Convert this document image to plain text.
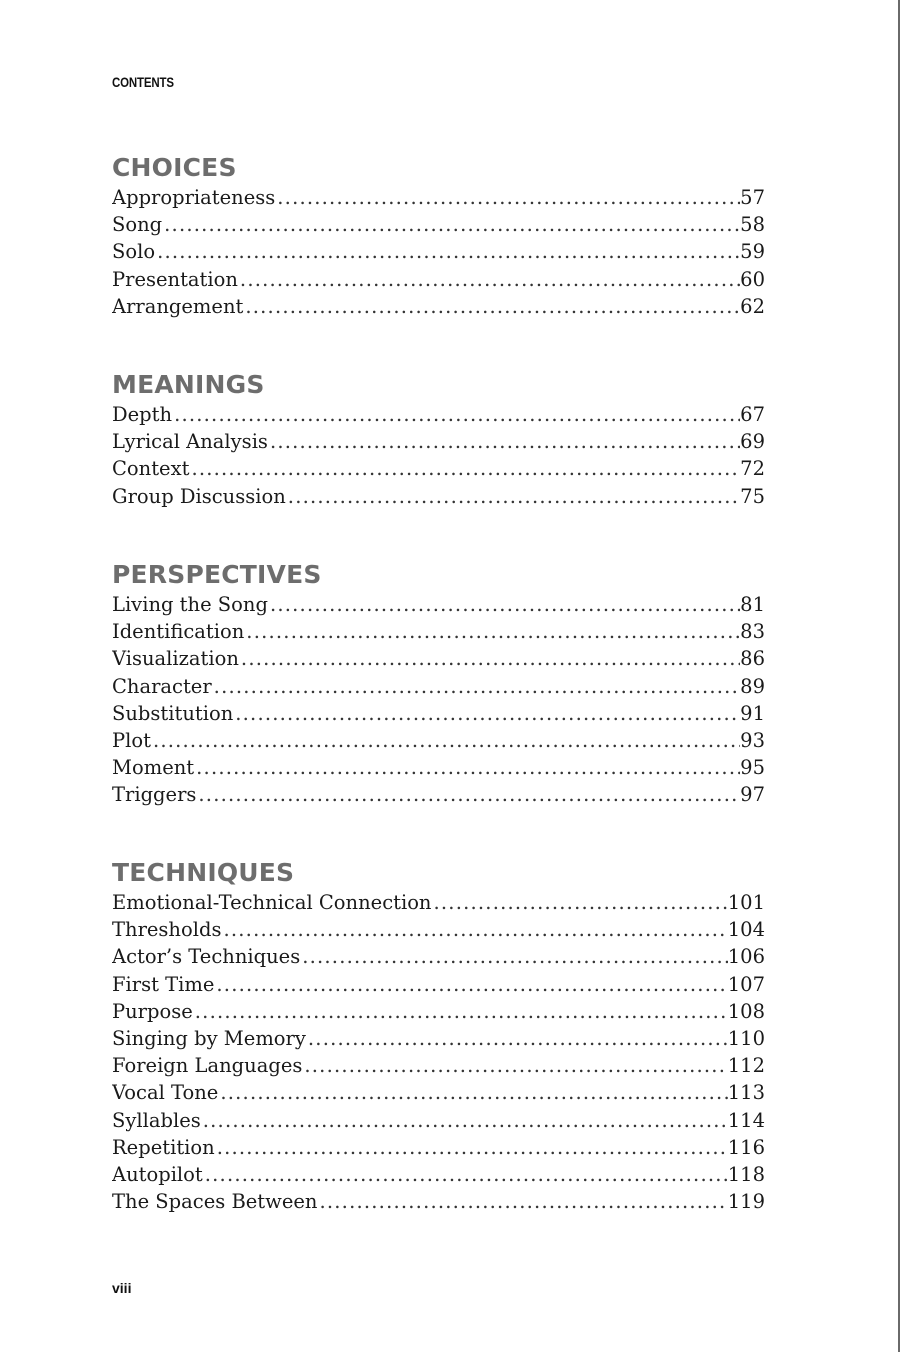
CONTENTS
CHOICES
Appropriateness .....	57
Song .....	58
Solo .....	59
Presentation .....	60
Arrangement .....	62
MEANINGS
Depth .....	67
Lyrical Analysis .....	69
Context .....	72
Group Discussion .....	75
PERSPECTIVES
Living the Song .....	81
Identification .....	83
Visualization .....	86
Character .....	89
Substitution .....	91
Plot .....	93
Moment .....	95
Triggers .....	97
TECHNIQUES
Emotional-Technical Connection .....	101
Thresholds .....	104
Actor’s Techniques .....	106
First Time .....	107
Purpose .....	108
Singing by Memory .....	110
Foreign Languages .....	112
Vocal Tone .....	113
Syllables .....	114
Repetition .....	116
Autopilot .....	118
The Spaces Between .....	119
viii
